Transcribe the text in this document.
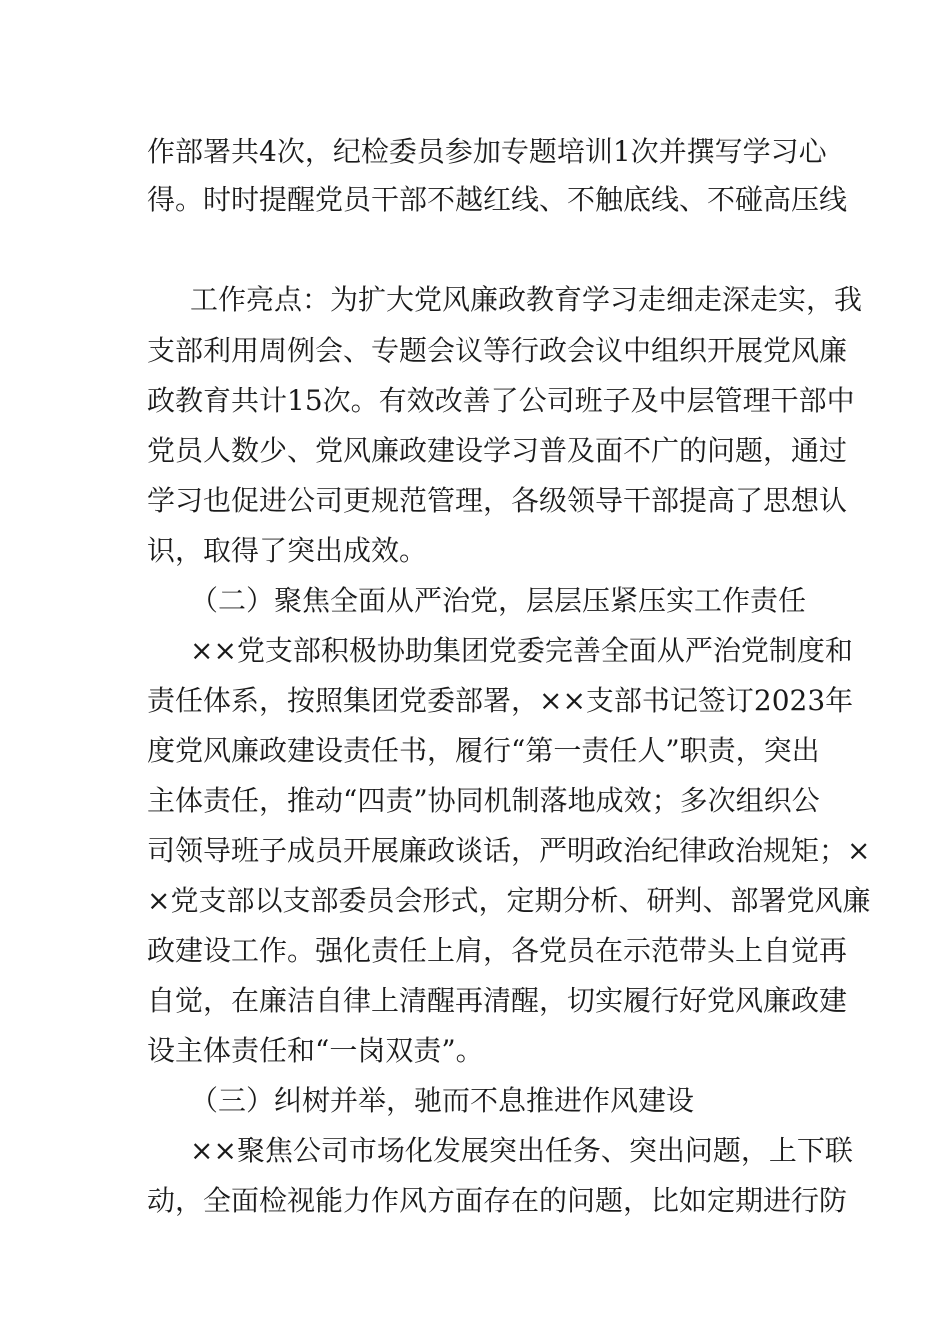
作部署共4次，纪检委员参加专题培训1次并撰写学习心
得。时时提醒党员干部不越红线、不触底线、不碰高压线
工作亮点：为扩大党风廉政教育学习走细走深走实，我
支部利用周例会、专题会议等行政会议中组织开展党风廉
政教育共计15次。有效改善了公司班子及中层管理干部中
党员人数少、党风廉政建设学习普及面不广的问题，通过
学习也促进公司更规范管理，各级领导干部提高了思想认
识，取得了突出成效。
（二）聚焦全面从严治党，层层压紧压实工作责任
××党支部积极协助集团党委完善全面从严治党制度和
责任体系，按照集团党委部署，××支部书记签订2023年
度党风廉政建设责任书，履行“第一责任人”职责，突出
主体责任，推动“四责”协同机制落地成效；多次组织公
司领导班子成员开展廉政谈话，严明政治纪律政治规矩；×
×党支部以支部委员会形式，定期分析、研判、部署党风廉
政建设工作。强化责任上肩，各党员在示范带头上自觉再
自觉，在廉洁自律上清醒再清醒，切实履行好党风廉政建
设主体责任和“一岗双责”。
（三）纠树并举，驰而不息推进作风建设
××聚焦公司市场化发展突出任务、突出问题，上下联
动，全面检视能力作风方面存在的问题，比如定期进行防
